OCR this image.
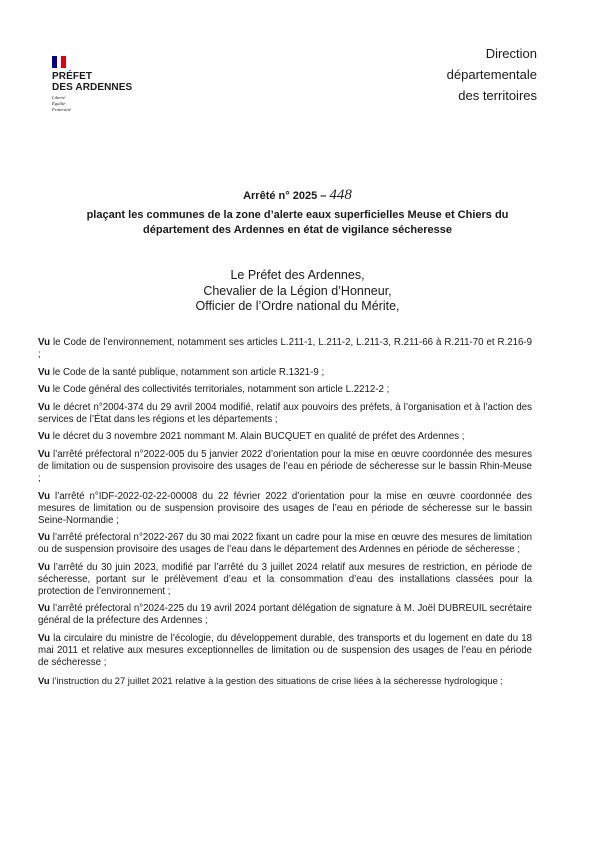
PRÉFET
DES ARDENNES
Liberté
Égalité
Fraternité
Direction
départementale
des territoires
Arrêté n° 2025 – 448
plaçant les communes de la zone d’alerte eaux superficielles Meuse et Chiers du
département des Ardennes en état de vigilance sécheresse
Le Préfet des Ardennes,
Chevalier de la Légion d’Honneur,
Officier de l’Ordre national du Mérite,

Vu le Code de l’environnement, notamment ses articles L.211-1, L.211-2, L.211-3, R.211-66 à R.211-70 et R.216-9 ;

Vu le Code de la santé publique, notamment son article R.1321-9 ;

Vu le Code général des collectivités territoriales, notamment son article L.2212-2 ;

Vu le décret n°2004-374 du 29 avril 2004 modifié, relatif aux pouvoirs des préfets, à l’organisation et à l’action des services de l’État dans les régions et les départements ;

Vu le décret du 3 novembre 2021 nommant M. Alain BUCQUET en qualité de préfet des Ardennes ;

Vu l’arrêté préfectoral n°2022-005 du 5 janvier 2022 d’orientation pour la mise en œuvre coordonnée des mesures de limitation ou de suspension provisoire des usages de l’eau en période de sécheresse sur le bassin Rhin-Meuse ;

Vu l’arrêté n°IDF-2022-02-22-00008 du 22 février 2022 d’orientation pour la mise en œuvre coordonnée des mesures de limitation ou de suspension provisoire des usages de l’eau en période de sécheresse sur le bassin Seine-Normandie ;

Vu l’arrêté préfectoral n°2022-267 du 30 mai 2022 fixant un cadre pour la mise en œuvre des mesures de limitation ou de suspension provisoire des usages de l’eau dans le département des Ardennes en période de sécheresse ;

Vu l’arrêté du 30 juin 2023, modifié par l’arrêté du 3 juillet 2024 relatif aux mesures de restriction, en période de sécheresse, portant sur le prélèvement d’eau et la consommation d’eau des installations classées pour la protection de l’environnement ;

Vu l’arrêté préfectoral n°2024-225 du 19 avril 2024 portant délégation de signature à M. Joël DUBREUIL secrétaire général de la préfecture des Ardennes ;

Vu la circulaire du ministre de l’écologie, du développement durable, des transports et du logement en date du 18 mai 2011 et relative aux mesures exceptionnelles de limitation ou de suspension des usages de l’eau en période de sécheresse ;

Vu l’instruction du 27 juillet 2021 relative à la gestion des situations de crise liées à la sécheresse hydrologique ;
